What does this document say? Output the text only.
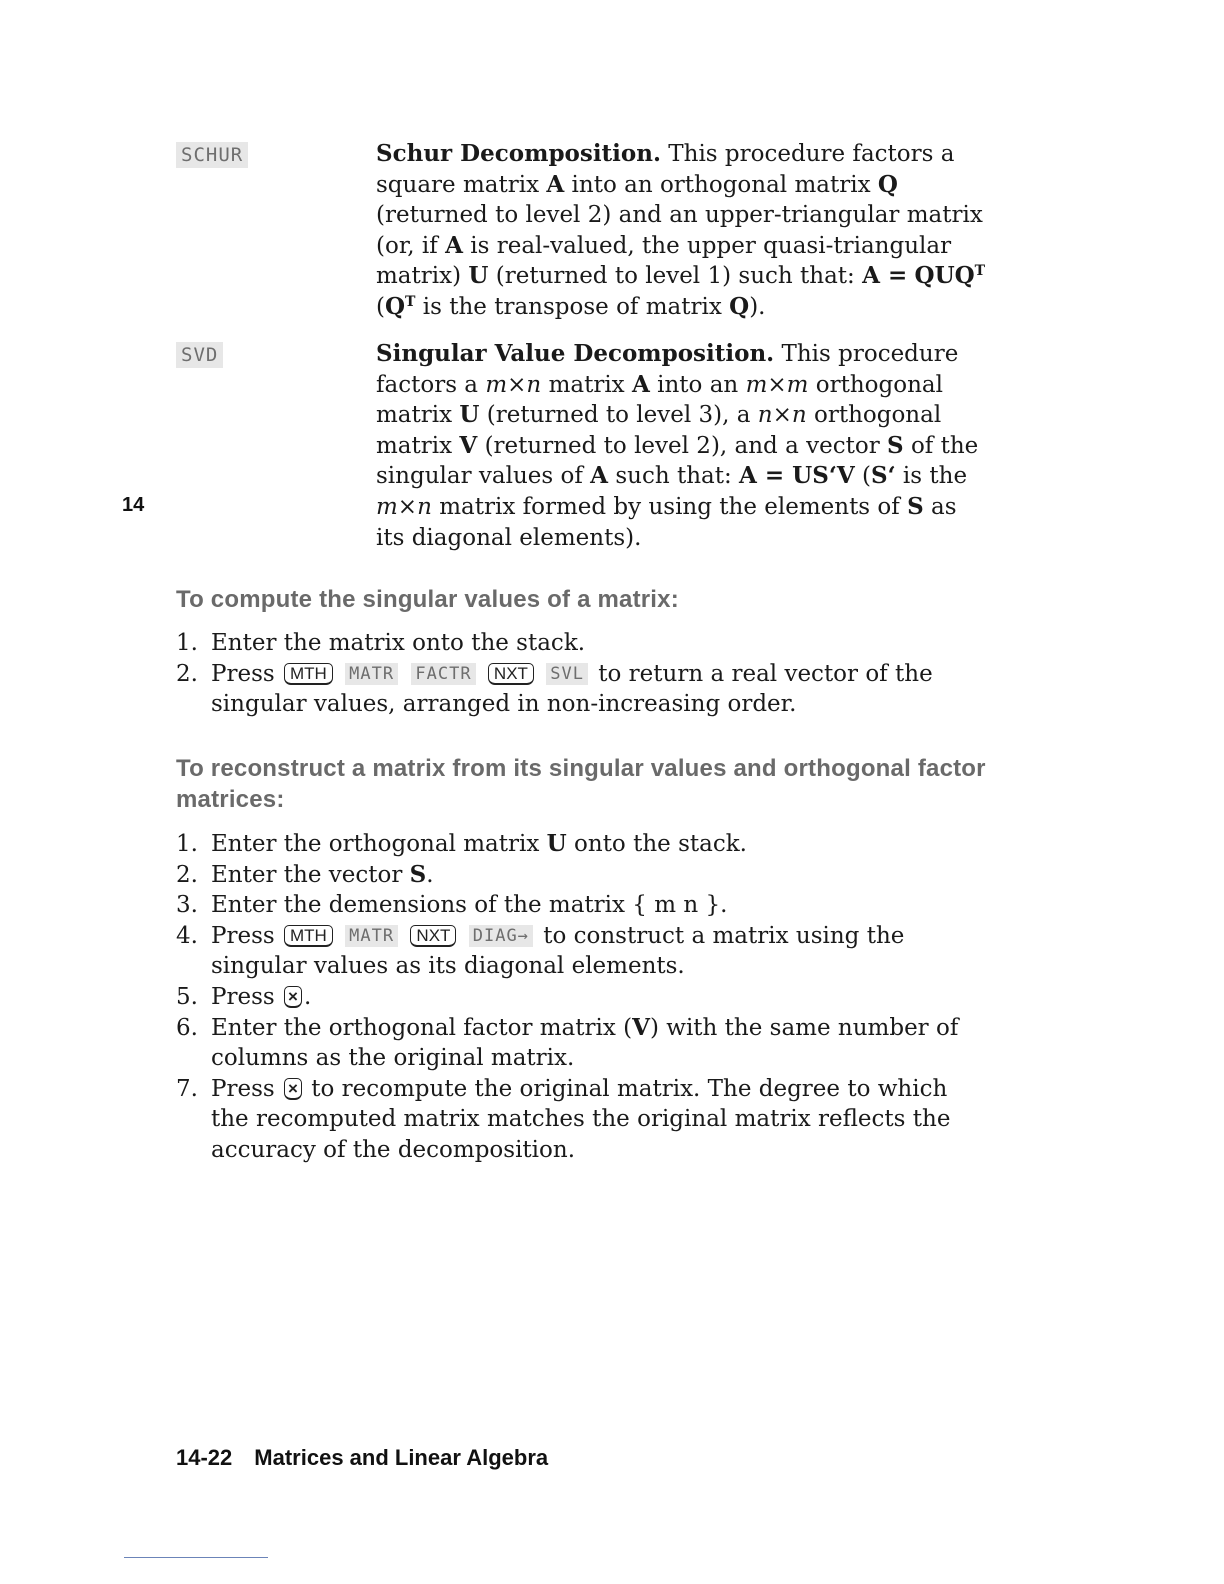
14
SCHUR	Schur Decomposition. This procedure factors a square matrix A into an orthogonal matrix Q (returned to level 2) and an upper-triangular matrix (or, if A is real-valued, the upper quasi-triangular matrix) U (returned to level 1) such that: $A = QUQ^T$ ($Q^T$ is the transpose of matrix Q).
SVD	Singular Value Decomposition. This procedure factors a m×n matrix A into an m×m orthogonal matrix U (returned to level 3), a n×n orthogonal matrix V (returned to level 2), and a vector S of the singular values of A such that: A = US‘V (S‘ is the m×n matrix formed by using the elements of S as its diagonal elements).
To compute the singular values of a matrix:
1. Enter the matrix onto the stack.
2. Press MTH MATR FACTR NXT SVL to return a real vector of the singular values, arranged in non-increasing order.
To reconstruct a matrix from its singular values and orthogonal factor matrices:
1. Enter the orthogonal matrix U onto the stack.
2. Enter the vector S.
3. Enter the demensions of the matrix { m n }.
4. Press MTH MATR NXT DIAG→ to construct a matrix using the singular values as its diagonal elements.
5. Press × .
6. Enter the orthogonal factor matrix (V) with the same number of columns as the original matrix.
7. Press × to recompute the original matrix. The degree to which the recomputed matrix matches the original matrix reflects the accuracy of the decomposition.
14-22 Matrices and Linear Algebra
